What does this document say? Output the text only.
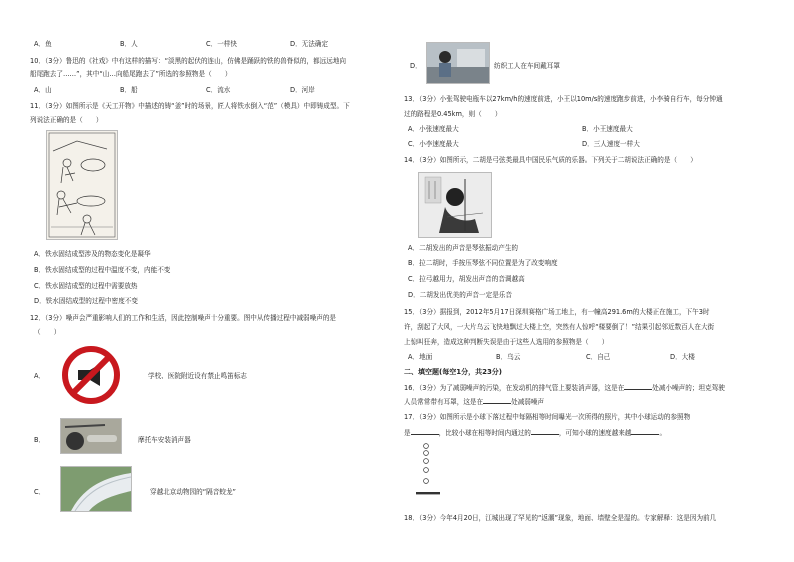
A．鱼	B．人	C．一样快	D．无法确定
10．（3分）鲁迅的《社戏》中有这样的描写：“淡黑的起伏的连山，仿佛是踊跃的铁的兽脊似的，都远远地向
船尾跑去了……”，其中“山…向船尾跑去了”所选的参照物是（　　）
A．山	B．船	C．流水	D．河岸
11．（3分）如图所示是《天工开物》中描述的铸“釜”时的场景，匠人将铁水倒入“范”（模具）中即铸成型。下
列说法正确的是（　　）
A．铁水固结成型涉及的物态变化是凝华
B．铁水固结成型的过程中温度不变，内能不变
C．铁水固结成型的过程中需要放热
D．铁水固结成型的过程中密度不变
12．（3分）噪声会严重影响人们的工作和生活，因此控制噪声十分重要。图中从传播过程中减弱噪声的是
（　　）
A．	学校、医院附近设有禁止鸣笛标志
B．	摩托车安装消声器
C．	穿越北京动物园的“隔音蛟龙”
D．	纺织工人在车间戴耳罩
13．（3分）小张驾驶电瓶车以27km/h的速度前进，小王以10m/s的速度跑步前进，小李骑自行车，每分钟通
过的路程是0.45km，则（　　）
A．小张速度最大	B．小王速度最大
C．小李速度最大	D．三人速度一样大
14．（3分）如图所示，二胡是弓弦类最具中国民乐气质的乐器。下列关于二胡说法正确的是（　　）
A．二胡发出的声音是琴弦振动产生的
B．拉二胡时，手按压琴弦不同位置是为了改变响度
C．拉弓越用力，胡发出声音的音调越高
D．二胡发出优美的声音一定是乐音
15．（3分）据报到，2012年5月17日深圳赛格广场工地上，有一幢高291.6m的大楼正在施工，下午3时
许，刮起了大风，一大片乌云飞快地飘过大楼上空，突然有人惊呼“楼要倒了！”结果引起邻近数百人在大街
上惊叫狂奔，造成这种判断失误是由于这些人选用的参照物是（　　）
A．地面	B．乌云	C．自己	D．大楼
二、填空题(每空1分，共23分)
16．（3分）为了减弱噪声的污染，在发动机的排气管上要装消声器，这是在	处减小噪声的；坦克驾驶
人员常常带有耳罩，这是在	处减弱噪声
17．（3分）如图所示是小球下落过程中每隔相等时间曝光一次所得的照片，其中小球运动的参照物
是	，比较小球在相等时间内通过的	，可知小球的速度越来越	。
18．（3分）今年4月20日，江城出现了罕见的“返潮”现象，地面、墙壁全是湿的。专家解释：这是因为前几
